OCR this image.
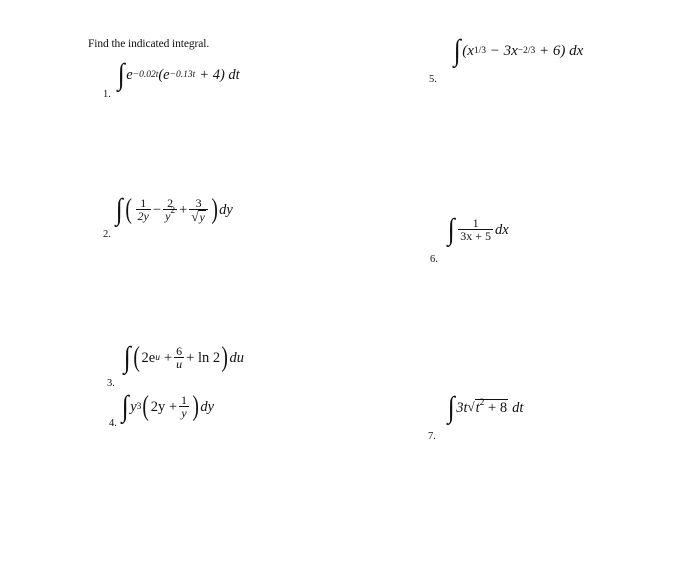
Find the indicated integral.
1.
∫ e −0.02t (e −0.13t + 4) dt
2.
∫ ( $\frac{1}{2y} - \frac{2}{y^2} + \frac{3}{√ y}$ ) dy
3.
∫ ( 2e $u + \frac{6}{u} + \ln 2$ ) du
4.
∫ y 3 ( $2y + \frac{1}{y}$ ) dy
5.
∫ (x 1/3 − 3x −2/3 + 6) dx
6.
∫ $\frac{1}{3x + 5}$ dx
7.
∫ 3t √ $t^2 + 8$ dt
